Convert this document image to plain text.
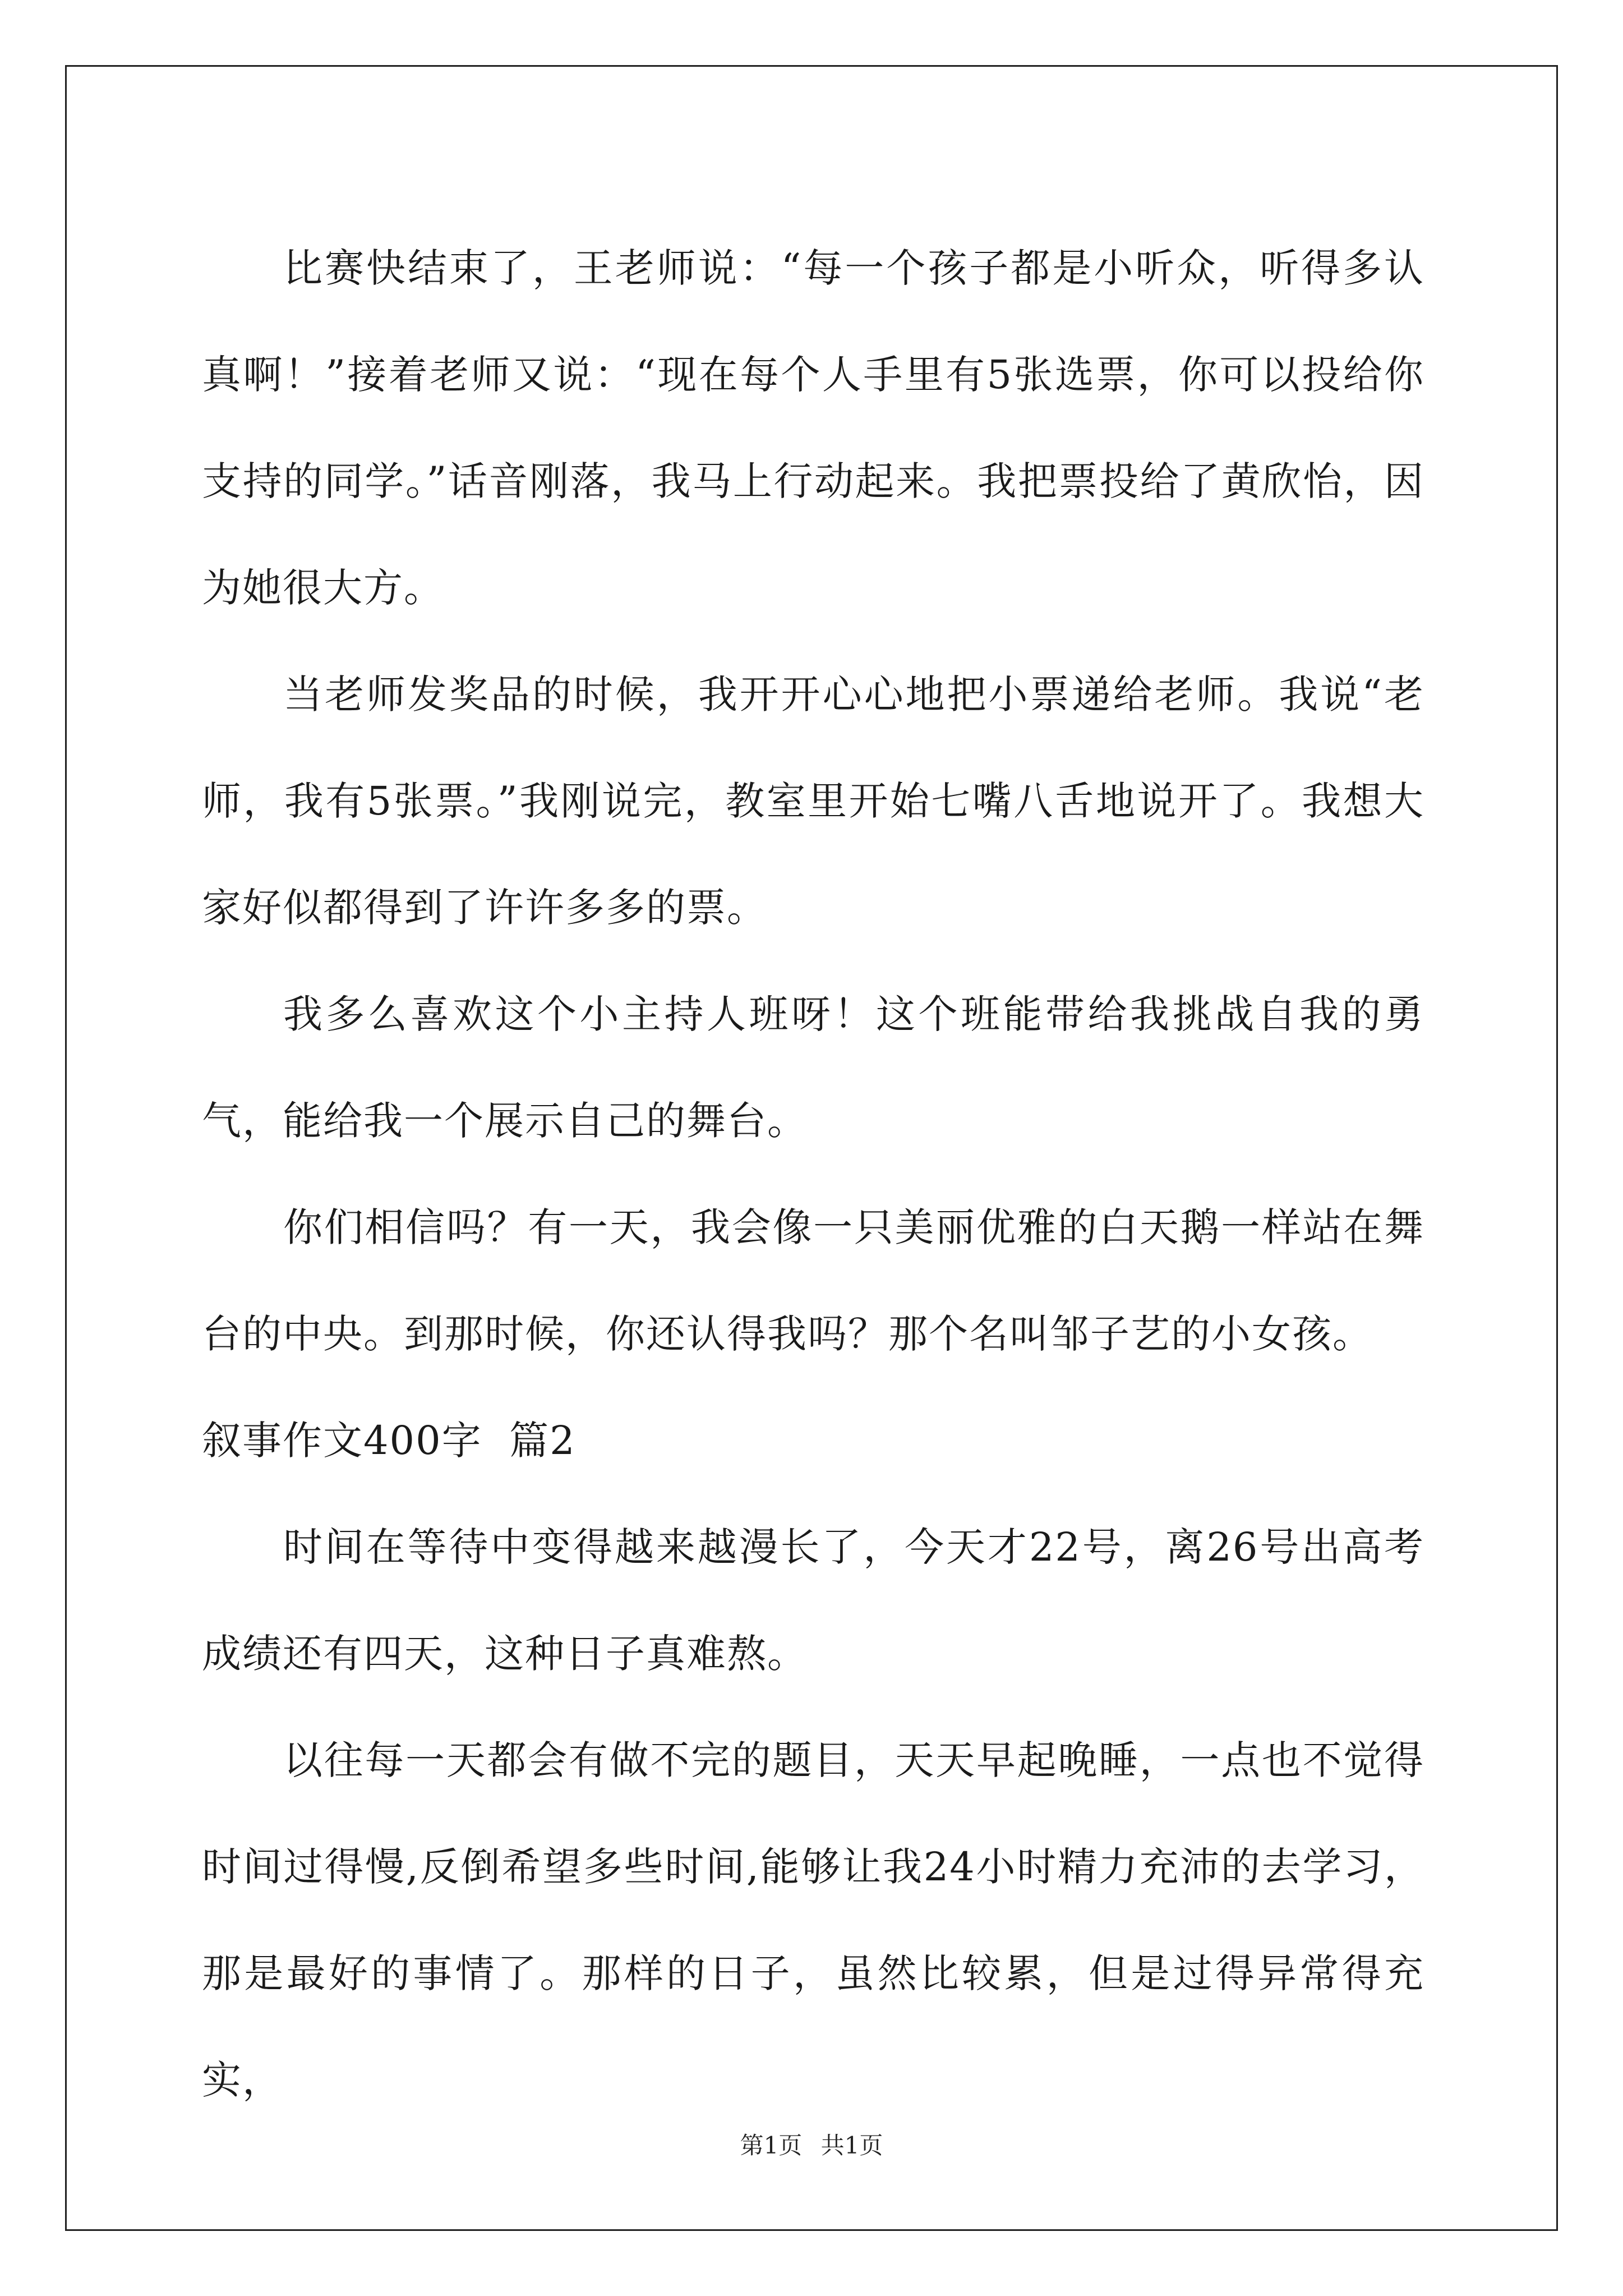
比赛快结束了，王老师说：“每一个孩子都是小听众，听得多认真啊！”接着老师又说：“现在每个人手里有5张选票，你可以投给你支持的同学。”话音刚落，我马上行动起来。我把票投给了黄欣怡，因为她很大方。

当老师发奖品的时候，我开开心心地把小票递给老师。我说“老师，我有5张票。”我刚说完，教室里开始七嘴八舌地说开了。我想大家好似都得到了许许多多的票。

我多么喜欢这个小主持人班呀！这个班能带给我挑战自我的勇气，能给我一个展示自己的舞台。

你们相信吗？有一天，我会像一只美丽优雅的白天鹅一样站在舞台的中央。到那时候，你还认得我吗？那个名叫邹子艺的小女孩。

叙事作文400字  篇2

时间在等待中变得越来越漫长了，今天才22号，离26号出高考成绩还有四天，这种日子真难熬。

以往每一天都会有做不完的题目，天天早起晚睡，一点也不觉得时间过得慢,反倒希望多些时间,能够让我24小时精力充沛的去学习，那是最好的事情了。那样的日子，虽然比较累，但是过得异常得充实，

第1页 共1页
